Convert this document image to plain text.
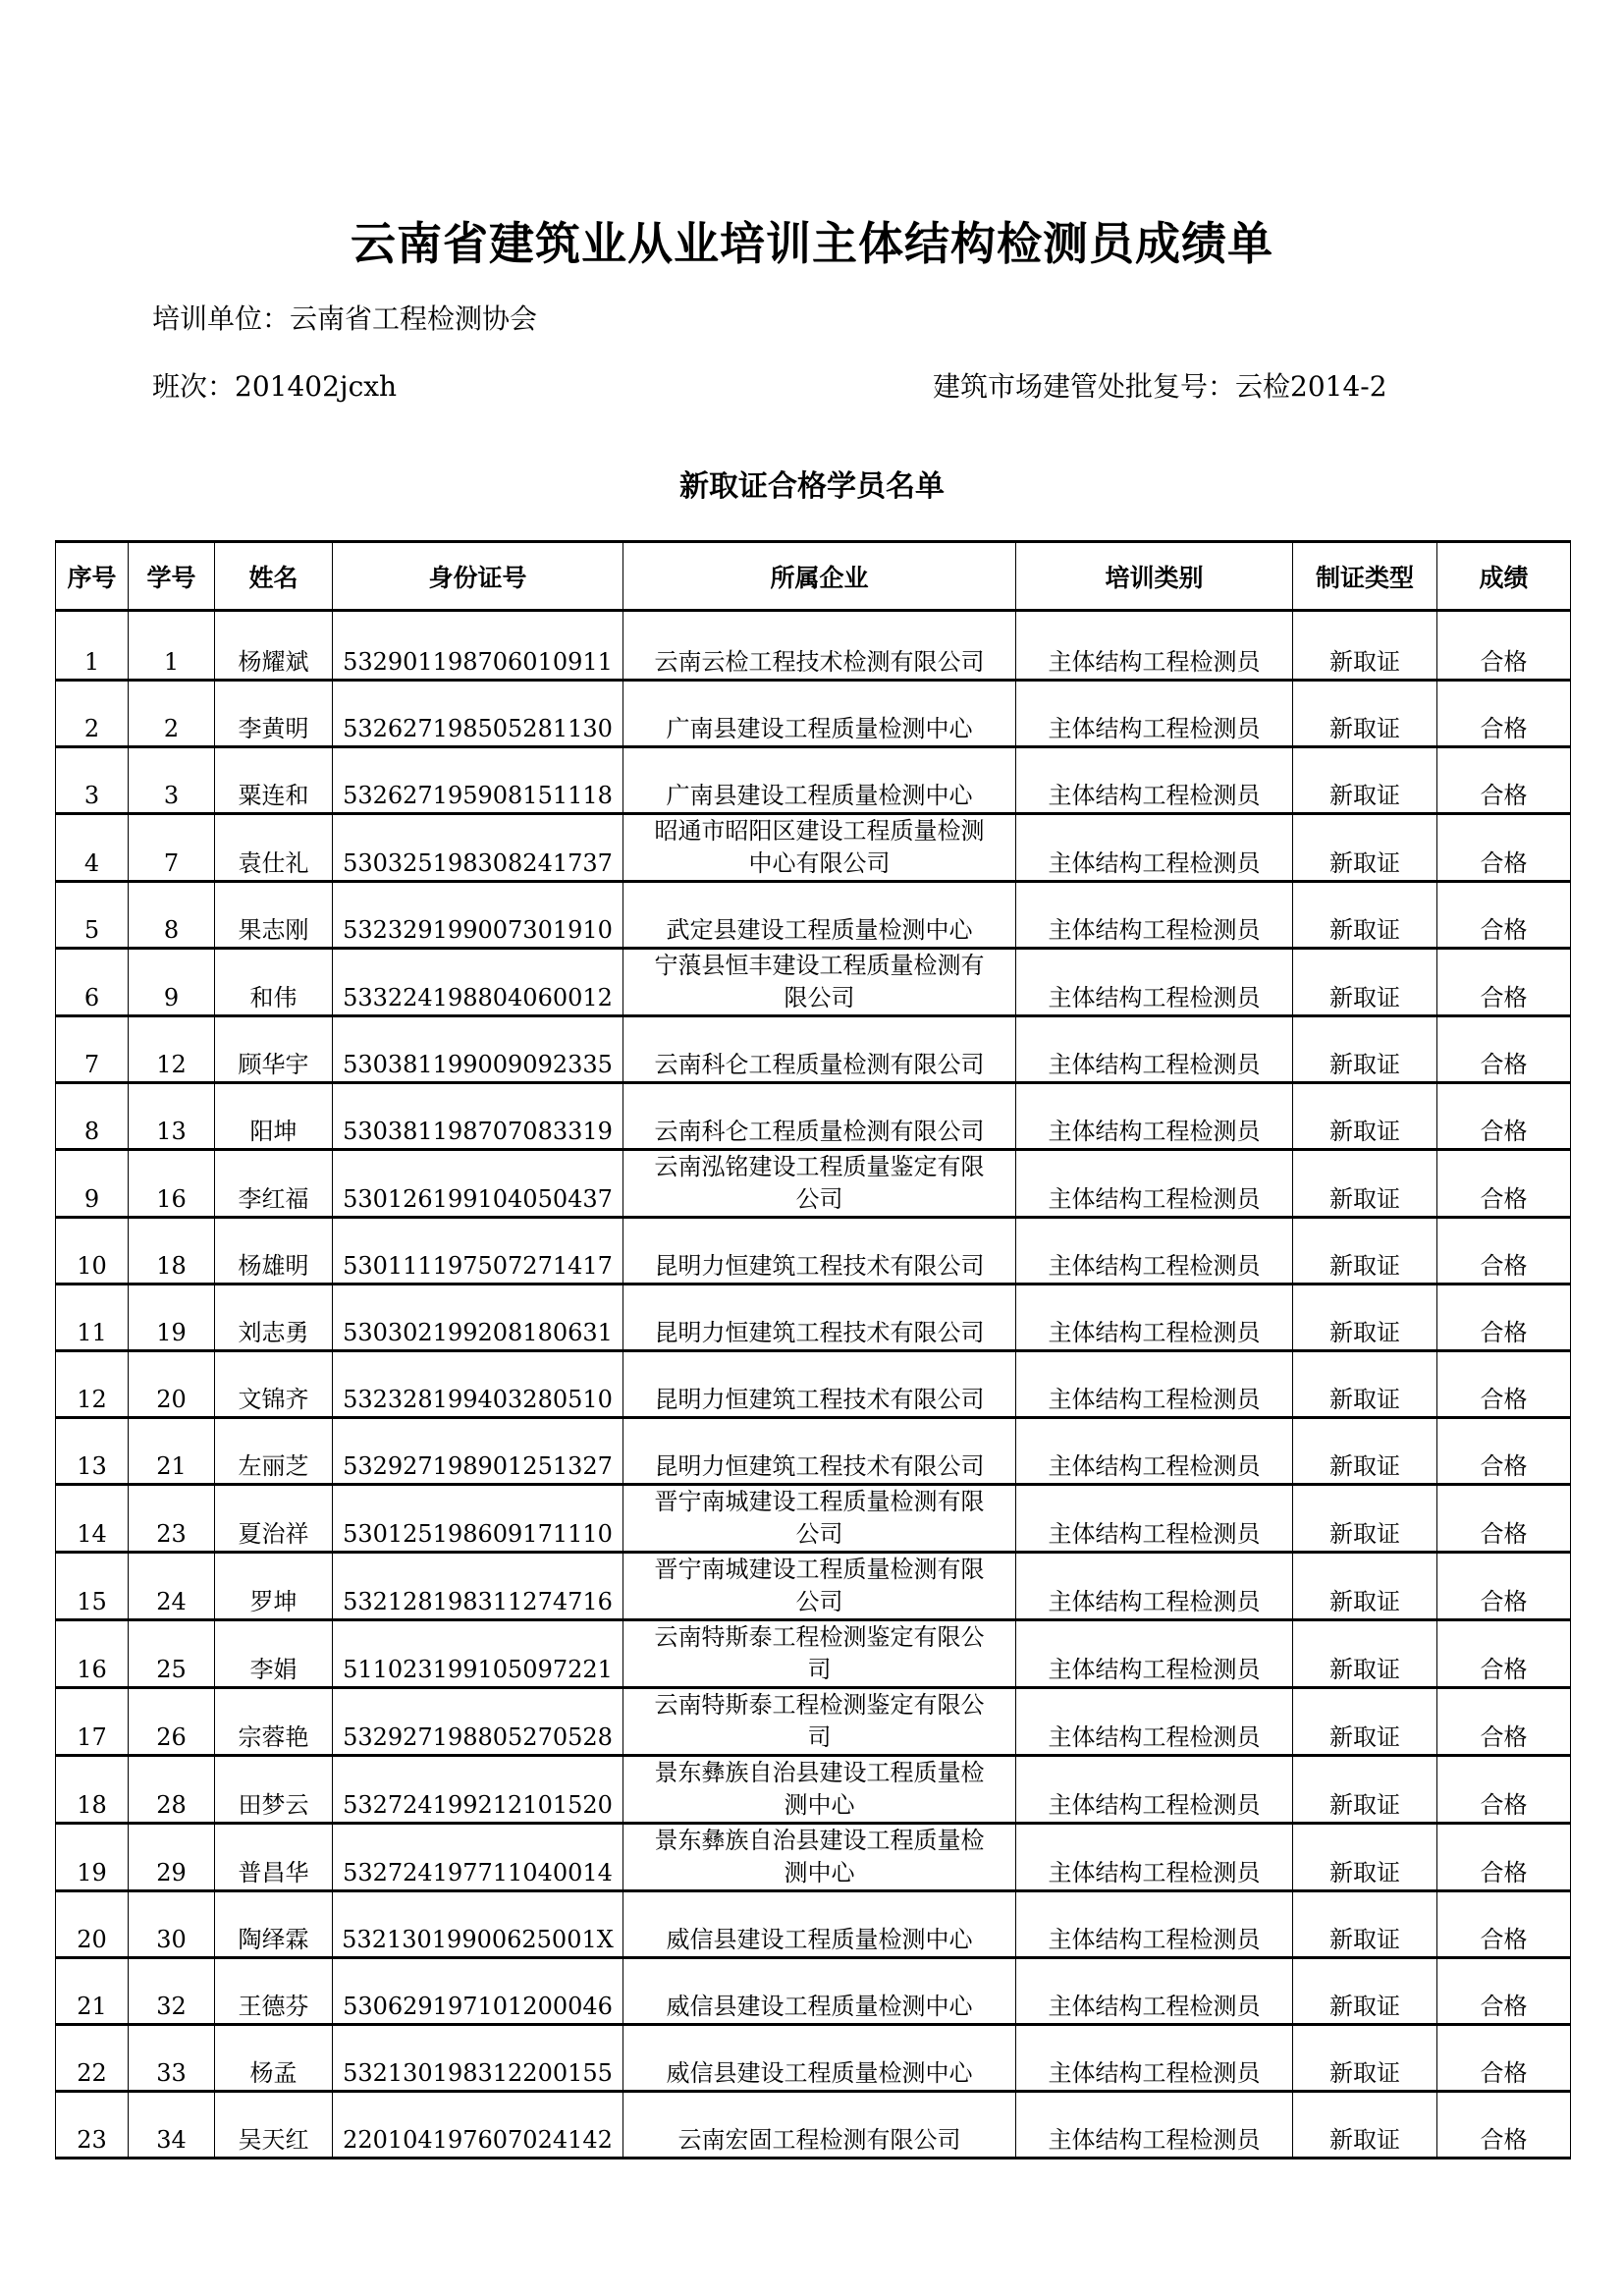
云南省建筑业从业培训主体结构检测员成绩单
培训单位：云南省工程检测协会
班次：201402jcxh	建筑市场建管处批复号：云检2014-2
新取证合格学员名单
序号	学号	姓名	身份证号	所属企业	培训类别	制证类型	成绩
1	1	杨耀斌	532901198706010911	云南云检工程技术检测有限公司	主体结构工程检测员	新取证	合格
2	2	李黄明	532627198505281130	广南县建设工程质量检测中心	主体结构工程检测员	新取证	合格
3	3	粟连和	532627195908151118	广南县建设工程质量检测中心	主体结构工程检测员	新取证	合格
4	7	袁仕礼	530325198308241737	昭通市昭阳区建设工程质量检测
中心有限公司	主体结构工程检测员	新取证	合格
5	8	果志刚	532329199007301910	武定县建设工程质量检测中心	主体结构工程检测员	新取证	合格
6	9	和伟	533224198804060012	宁蒗县恒丰建设工程质量检测有
限公司	主体结构工程检测员	新取证	合格
7	12	顾华宇	530381199009092335	云南科仑工程质量检测有限公司	主体结构工程检测员	新取证	合格
8	13	阳坤	530381198707083319	云南科仑工程质量检测有限公司	主体结构工程检测员	新取证	合格
9	16	李红福	530126199104050437	云南泓铭建设工程质量鉴定有限
公司	主体结构工程检测员	新取证	合格
10	18	杨雄明	530111197507271417	昆明力恒建筑工程技术有限公司	主体结构工程检测员	新取证	合格
11	19	刘志勇	530302199208180631	昆明力恒建筑工程技术有限公司	主体结构工程检测员	新取证	合格
12	20	文锦齐	532328199403280510	昆明力恒建筑工程技术有限公司	主体结构工程检测员	新取证	合格
13	21	左丽芝	532927198901251327	昆明力恒建筑工程技术有限公司	主体结构工程检测员	新取证	合格
14	23	夏治祥	530125198609171110	晋宁南城建设工程质量检测有限
公司	主体结构工程检测员	新取证	合格
15	24	罗坤	532128198311274716	晋宁南城建设工程质量检测有限
公司	主体结构工程检测员	新取证	合格
16	25	李娟	511023199105097221	云南特斯泰工程检测鉴定有限公
司	主体结构工程检测员	新取证	合格
17	26	宗蓉艳	532927198805270528	云南特斯泰工程检测鉴定有限公
司	主体结构工程检测员	新取证	合格
18	28	田梦云	532724199212101520	景东彝族自治县建设工程质量检
测中心	主体结构工程检测员	新取证	合格
19	29	普昌华	532724197711040014	景东彝族自治县建设工程质量检
测中心	主体结构工程检测员	新取证	合格
20	30	陶绎霖	53213019900625001X	威信县建设工程质量检测中心	主体结构工程检测员	新取证	合格
21	32	王德芬	530629197101200046	威信县建设工程质量检测中心	主体结构工程检测员	新取证	合格
22	33	杨孟	532130198312200155	威信县建设工程质量检测中心	主体结构工程检测员	新取证	合格
23	34	吴天红	220104197607024142	云南宏固工程检测有限公司	主体结构工程检测员	新取证	合格
